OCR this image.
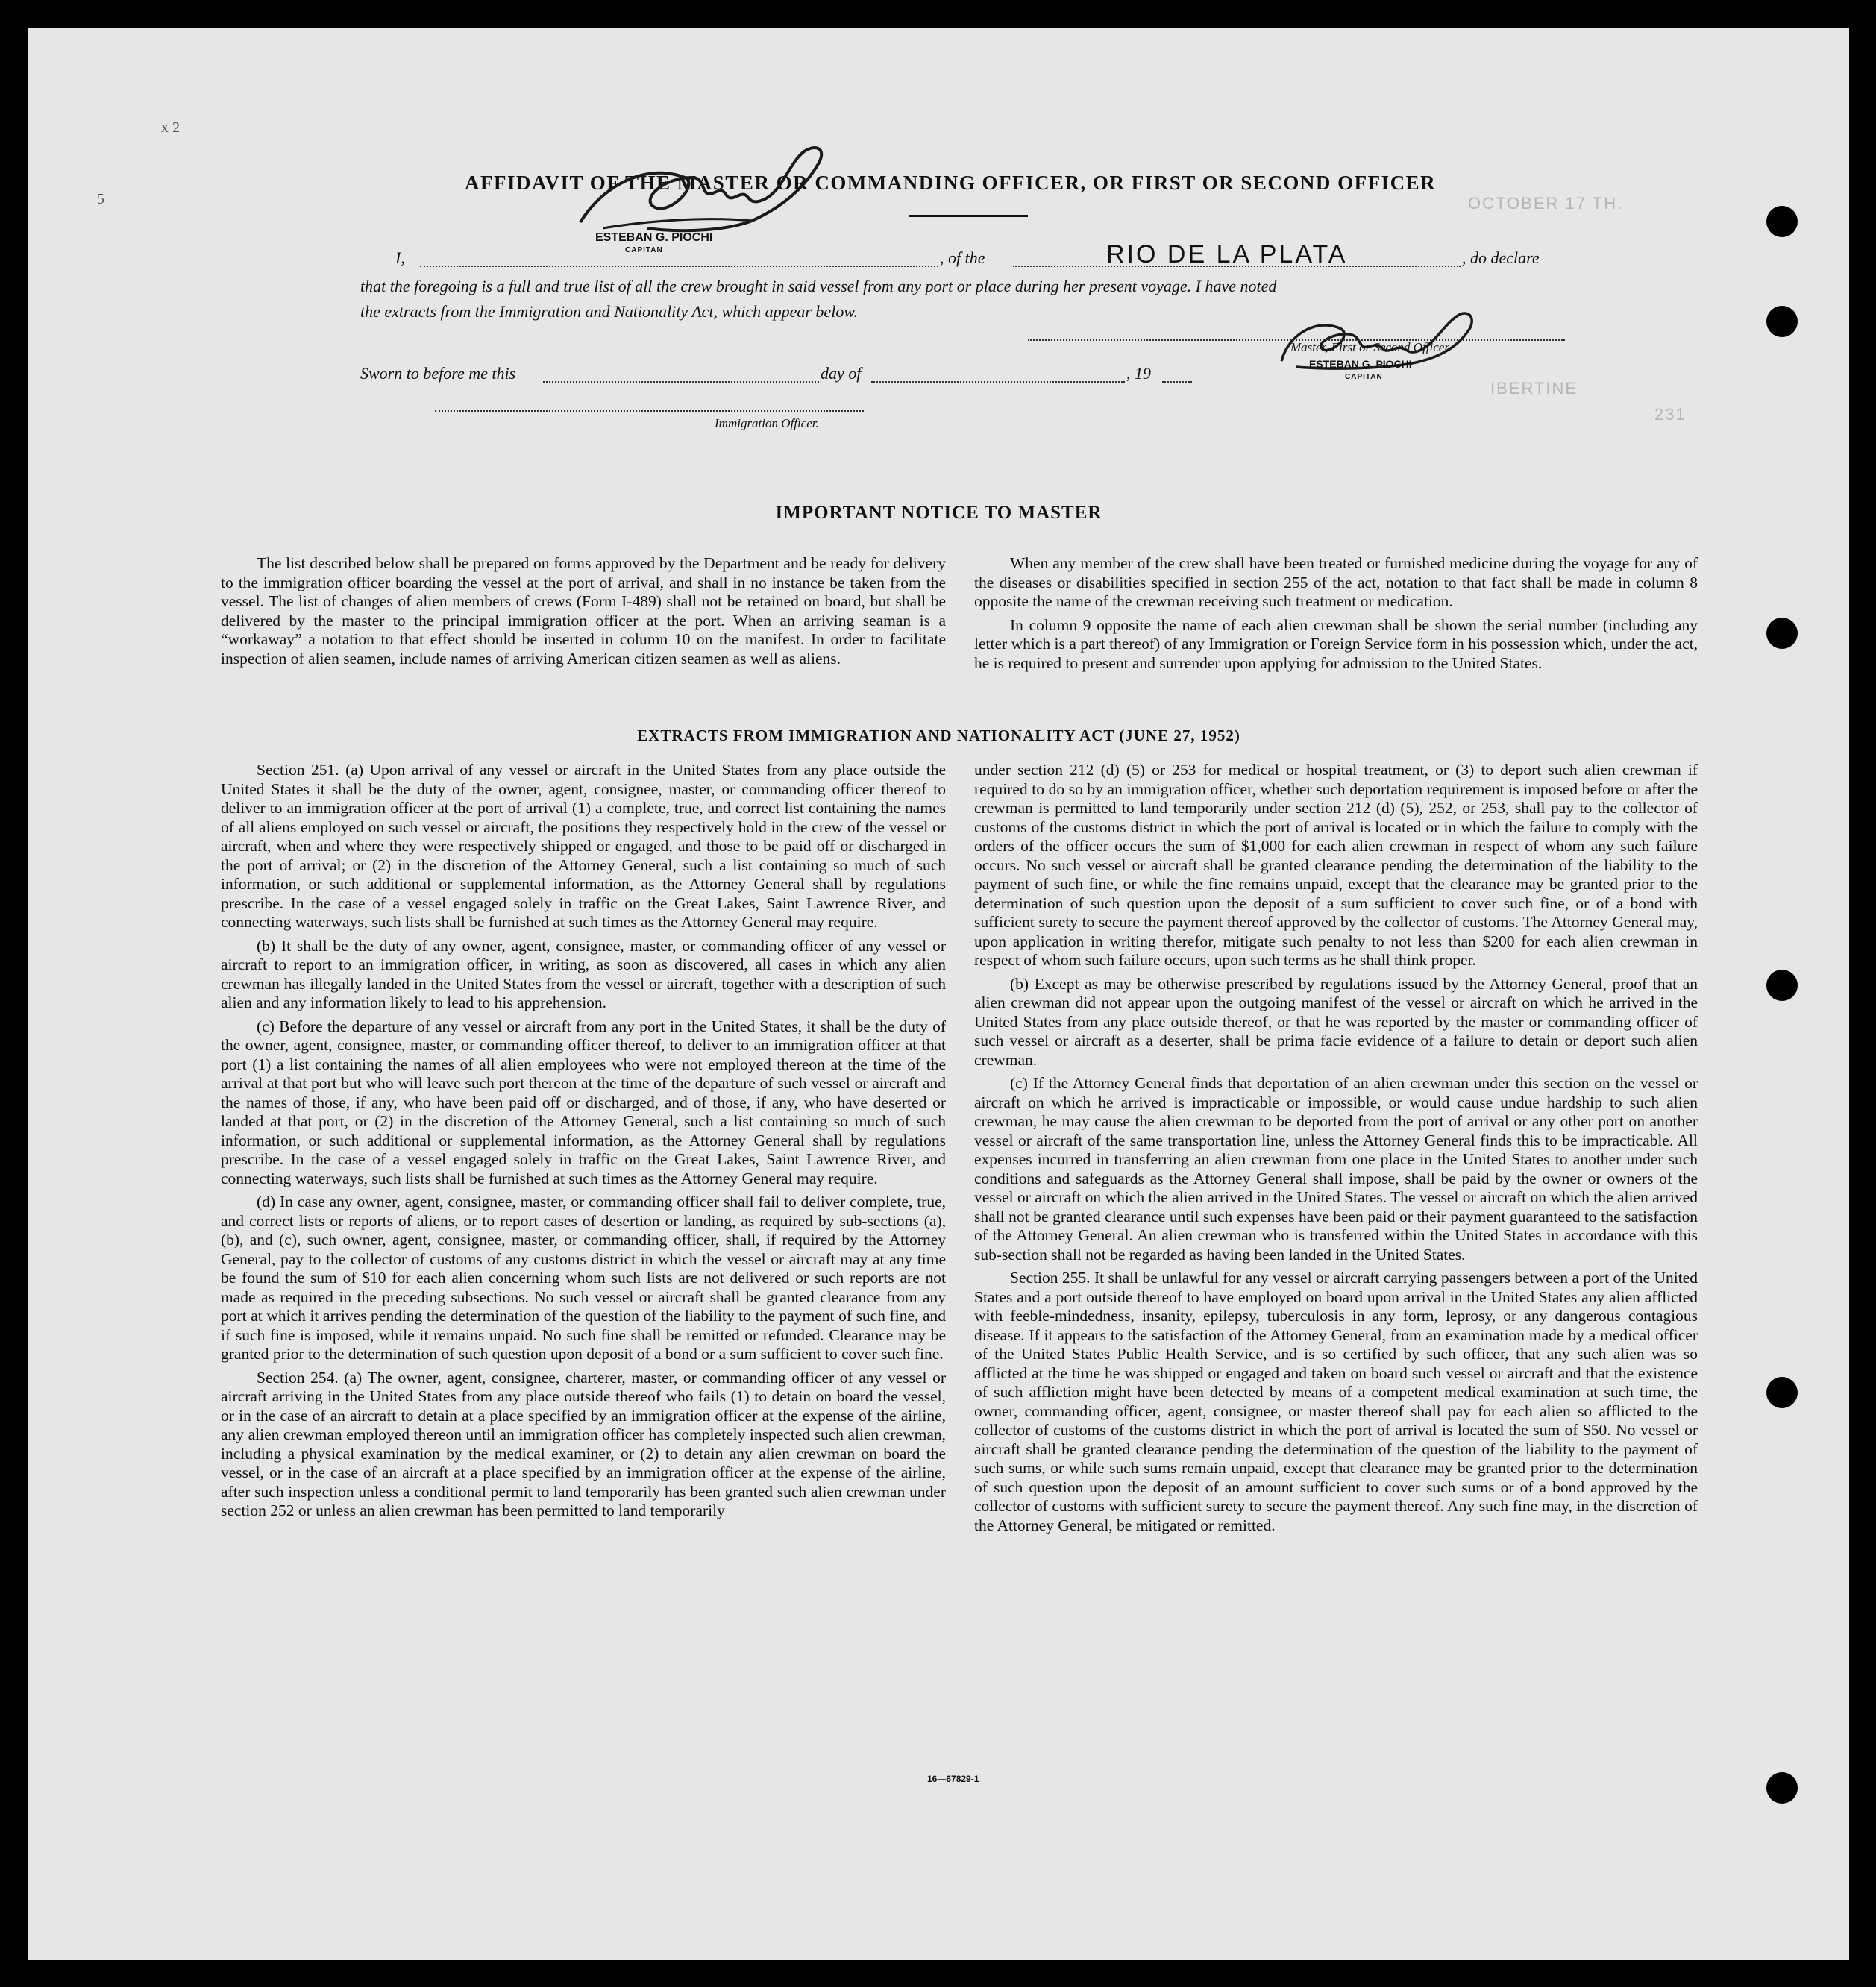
OCTOBER 17 TH.
IBERTINE
231
x 2
5
AFFIDAVIT OF THE MASTER OR COMMANDING OFFICER, OR FIRST OR SECOND OFFICER
ESTEBAN G. PIOCHI
CAPITAN
I,	, of the	RIO DE LA PLATA	, do declare
that the foregoing is a full and true list of all the crew brought in said vessel from any port or place during her present voyage. I have noted
the extracts from the Immigration and Nationality Act, which appear below.
Master, First or Second Officer.
ESTEBAN G. PIOCHI
CAPITAN
Sworn to before me this	day of	, 19
Immigration Officer.
IMPORTANT NOTICE TO MASTER

The list described below shall be prepared on forms approved by the Department and be ready for delivery to the immigration officer boarding the vessel at the port of arrival, and shall in no instance be taken from the vessel. The list of changes of alien members of crews (Form I-489) shall not be retained on board, but shall be delivered by the master to the principal immigration officer at the port. When an arriving seaman is a “workaway” a notation to that effect should be inserted in column 10 on the manifest. In order to facilitate inspection of alien seamen, include names of arriving American citizen seamen as well as aliens.

When any member of the crew shall have been treated or furnished medicine during the voyage for any of the diseases or disabilities specified in section 255 of the act, notation to that fact shall be made in column 8 opposite the name of the crewman receiving such treatment or medication.

In column 9 opposite the name of each alien crewman shall be shown the serial number (including any letter which is a part thereof) of any Immigration or Foreign Service form in his possession which, under the act, he is required to present and surrender upon applying for admission to the United States.

EXTRACTS FROM IMMIGRATION AND NATIONALITY ACT (JUNE 27, 1952)

Section 251. (a) Upon arrival of any vessel or aircraft in the United States from any place outside the United States it shall be the duty of the owner, agent, consignee, master, or commanding officer thereof to deliver to an immigration officer at the port of arrival (1) a complete, true, and correct list containing the names of all aliens employed on such vessel or aircraft, the positions they respectively hold in the crew of the vessel or aircraft, when and where they were respectively shipped or engaged, and those to be paid off or discharged in the port of arrival; or (2) in the discretion of the Attorney General, such a list containing so much of such information, or such additional or supplemental information, as the Attorney General shall by regulations prescribe. In the case of a vessel engaged solely in traffic on the Great Lakes, Saint Lawrence River, and connecting waterways, such lists shall be furnished at such times as the Attorney General may require.

(b) It shall be the duty of any owner, agent, consignee, master, or commanding officer of any vessel or aircraft to report to an immigration officer, in writing, as soon as discovered, all cases in which any alien crewman has illegally landed in the United States from the vessel or aircraft, together with a description of such alien and any information likely to lead to his apprehension.

(c) Before the departure of any vessel or aircraft from any port in the United States, it shall be the duty of the owner, agent, consignee, master, or commanding officer thereof, to deliver to an immigration officer at that port (1) a list containing the names of all alien employees who were not employed thereon at the time of the arrival at that port but who will leave such port thereon at the time of the departure of such vessel or aircraft and the names of those, if any, who have been paid off or discharged, and of those, if any, who have deserted or landed at that port, or (2) in the discretion of the Attorney General, such a list containing so much of such information, or such additional or supplemental information, as the Attorney General shall by regulations prescribe. In the case of a vessel engaged solely in traffic on the Great Lakes, Saint Lawrence River, and connecting waterways, such lists shall be furnished at such times as the Attorney General may require.

(d) In case any owner, agent, consignee, master, or commanding officer shall fail to deliver complete, true, and correct lists or reports of aliens, or to report cases of desertion or landing, as required by sub-sections (a), (b), and (c), such owner, agent, consignee, master, or commanding officer, shall, if required by the Attorney General, pay to the collector of customs of any customs district in which the vessel or aircraft may at any time be found the sum of $10 for each alien concerning whom such lists are not delivered or such reports are not made as required in the preceding subsections. No such vessel or aircraft shall be granted clearance from any port at which it arrives pending the determination of the question of the liability to the payment of such fine, and if such fine is imposed, while it remains unpaid. No such fine shall be remitted or refunded. Clearance may be granted prior to the determination of such question upon deposit of a bond or a sum sufficient to cover such fine.

Section 254. (a) The owner, agent, consignee, charterer, master, or commanding officer of any vessel or aircraft arriving in the United States from any place outside thereof who fails (1) to detain on board the vessel, or in the case of an aircraft to detain at a place specified by an immigration officer at the expense of the airline, any alien crewman employed thereon until an immigration officer has completely inspected such alien crewman, including a physical examination by the medical examiner, or (2) to detain any alien crewman on board the vessel, or in the case of an aircraft at a place specified by an immigration officer at the expense of the airline, after such inspection unless a conditional permit to land temporarily has been granted such alien crewman under section 252 or unless an alien crewman has been permitted to land temporarily

under section 212 (d) (5) or 253 for medical or hospital treatment, or (3) to deport such alien crewman if required to do so by an immigration officer, whether such deportation requirement is imposed before or after the crewman is permitted to land temporarily under section 212 (d) (5), 252, or 253, shall pay to the collector of customs of the customs district in which the port of arrival is located or in which the failure to comply with the orders of the officer occurs the sum of $1,000 for each alien crewman in respect of whom any such failure occurs. No such vessel or aircraft shall be granted clearance pending the determination of the liability to the payment of such fine, or while the fine remains unpaid, except that the clearance may be granted prior to the determination of such question upon the deposit of a sum sufficient to cover such fine, or of a bond with sufficient surety to secure the payment thereof approved by the collector of customs. The Attorney General may, upon application in writing therefor, mitigate such penalty to not less than $200 for each alien crewman in respect of whom such failure occurs, upon such terms as he shall think proper.

(b) Except as may be otherwise prescribed by regulations issued by the Attorney General, proof that an alien crewman did not appear upon the outgoing manifest of the vessel or aircraft on which he arrived in the United States from any place outside thereof, or that he was reported by the master or commanding officer of such vessel or aircraft as a deserter, shall be prima facie evidence of a failure to detain or deport such alien crewman.

(c) If the Attorney General finds that deportation of an alien crewman under this section on the vessel or aircraft on which he arrived is impracticable or impossible, or would cause undue hardship to such alien crewman, he may cause the alien crewman to be deported from the port of arrival or any other port on another vessel or aircraft of the same transportation line, unless the Attorney General finds this to be impracticable. All expenses incurred in transferring an alien crewman from one place in the United States to another under such conditions and safeguards as the Attorney General shall impose, shall be paid by the owner or owners of the vessel or aircraft on which the alien arrived in the United States. The vessel or aircraft on which the alien arrived shall not be granted clearance until such expenses have been paid or their payment guaranteed to the satisfaction of the Attorney General. An alien crewman who is transferred within the United States in accordance with this sub-section shall not be regarded as having been landed in the United States.

Section 255. It shall be unlawful for any vessel or aircraft carrying passengers between a port of the United States and a port outside thereof to have employed on board upon arrival in the United States any alien afflicted with feeble-mindedness, insanity, epilepsy, tuberculosis in any form, leprosy, or any dangerous contagious disease. If it appears to the satisfaction of the Attorney General, from an examination made by a medical officer of the United States Public Health Service, and is so certified by such officer, that any such alien was so afflicted at the time he was shipped or engaged and taken on board such vessel or aircraft and that the existence of such affliction might have been detected by means of a competent medical examination at such time, the owner, commanding officer, agent, consignee, or master thereof shall pay for each alien so afflicted to the collector of customs of the customs district in which the port of arrival is located the sum of $50. No vessel or aircraft shall be granted clearance pending the determination of the question of the liability to the payment of such sums, or while such sums remain unpaid, except that clearance may be granted prior to the determination of such question upon the deposit of an amount sufficient to cover such sums or of a bond approved by the collector of customs with sufficient surety to secure the payment thereof. Any such fine may, in the discretion of the Attorney General, be mitigated or remitted.

16—67829-1
